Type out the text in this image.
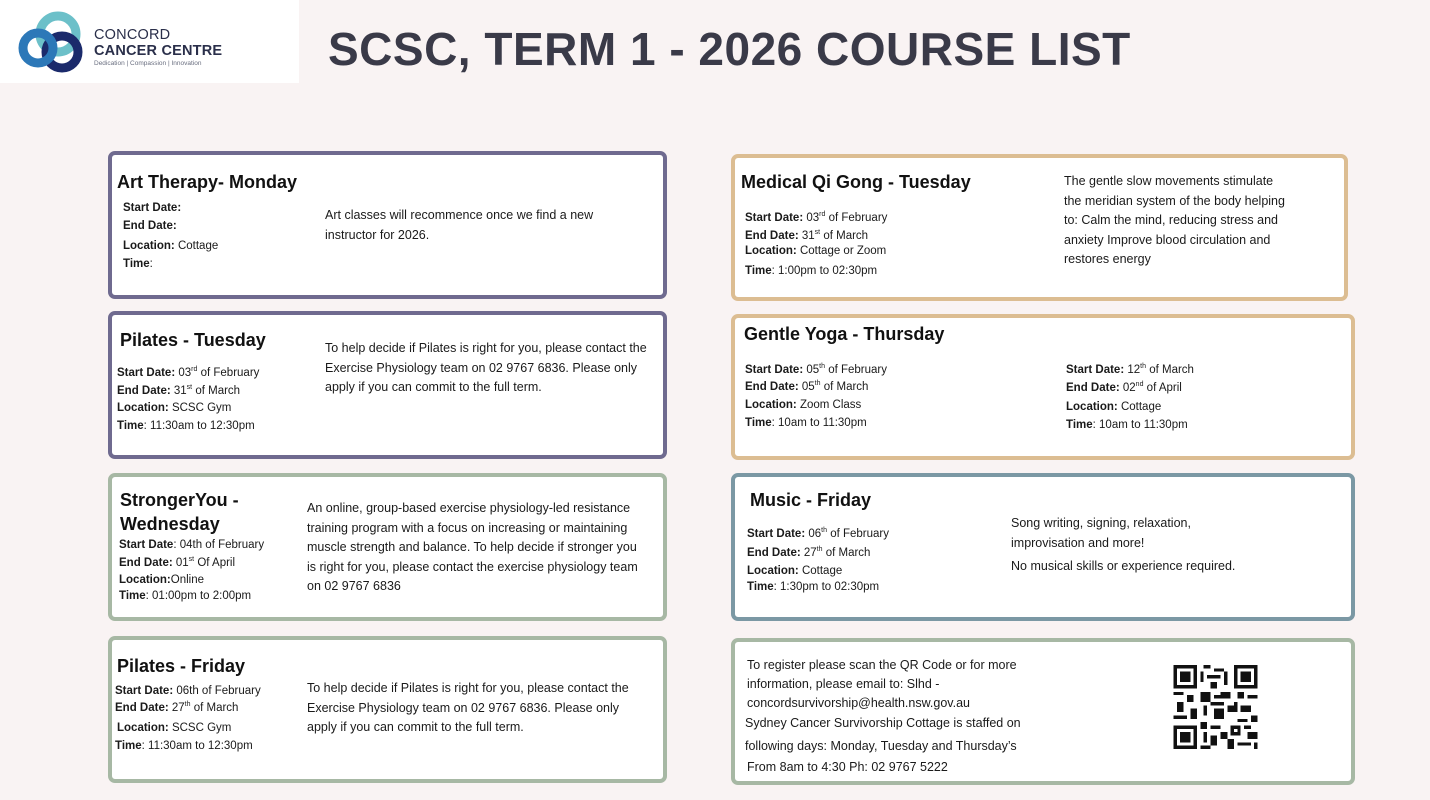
CONCORD
CANCER CENTRE
Dedication | Compassion | Innovation	SCSC, TERM 1 - 2026 COURSE LIST
Art Therapy- Monday
Start Date:
End Date:
Location: Cottage
Time:
Art classes will recommence once we find a new instructor for 2026.
Pilates - Tuesday
Start Date: 03rd of February
End Date: 31st of March
Location: SCSC Gym
Time: 11:30am to 12:30pm
To help decide if Pilates is right for you, please contact the Exercise Physiology team on 02 9767 6836. Please only apply if you can commit to the full term.
StrongerYou - Wednesday
Start Date: 04th of February
End Date: 01st Of April
Location:Online
Time: 01:00pm to 2:00pm
An online, group-based exercise physiology-led resistance training program with a focus on increasing or maintaining muscle strength and balance. To help decide if stronger you is right for you, please contact the exercise physiology team on 02 9767 6836
Pilates - Friday
Start Date: 06th of February
End Date: 27th of March
Location: SCSC Gym
Time: 11:30am to 12:30pm
To help decide if Pilates is right for you, please contact the Exercise Physiology team on 02 9767 6836. Please only apply if you can commit to the full term.
Medical Qi Gong - Tuesday
Start Date: 03rd of February
End Date: 31st of March
Location: Cottage or Zoom
Time: 1:00pm to 02:30pm
The gentle slow movements stimulate the meridian system of the body helping to: Calm the mind, reducing stress and anxiety Improve blood circulation and restores energy
Gentle Yoga - Thursday
Start Date: 05th of February
End Date: 05th of March
Location: Zoom Class
Time: 10am to 11:30pm
Start Date: 12th of March
End Date: 02nd of April
Location: Cottage
Time: 10am to 11:30pm
Music - Friday
Start Date: 06th of February
End Date: 27th of March
Location: Cottage
Time: 1:30pm to 02:30pm
Song writing, signing, relaxation, improvisation and more!
No musical skills or experience required.
To register please scan the QR Code or for more
information, please email to: Slhd -
concordsurvivorship@health.nsw.gov.au
Sydney Cancer Survivorship Cottage is staffed on
following days: Monday, Tuesday and Thursday’s
From 8am to 4:30 Ph: 02 9767 5222
